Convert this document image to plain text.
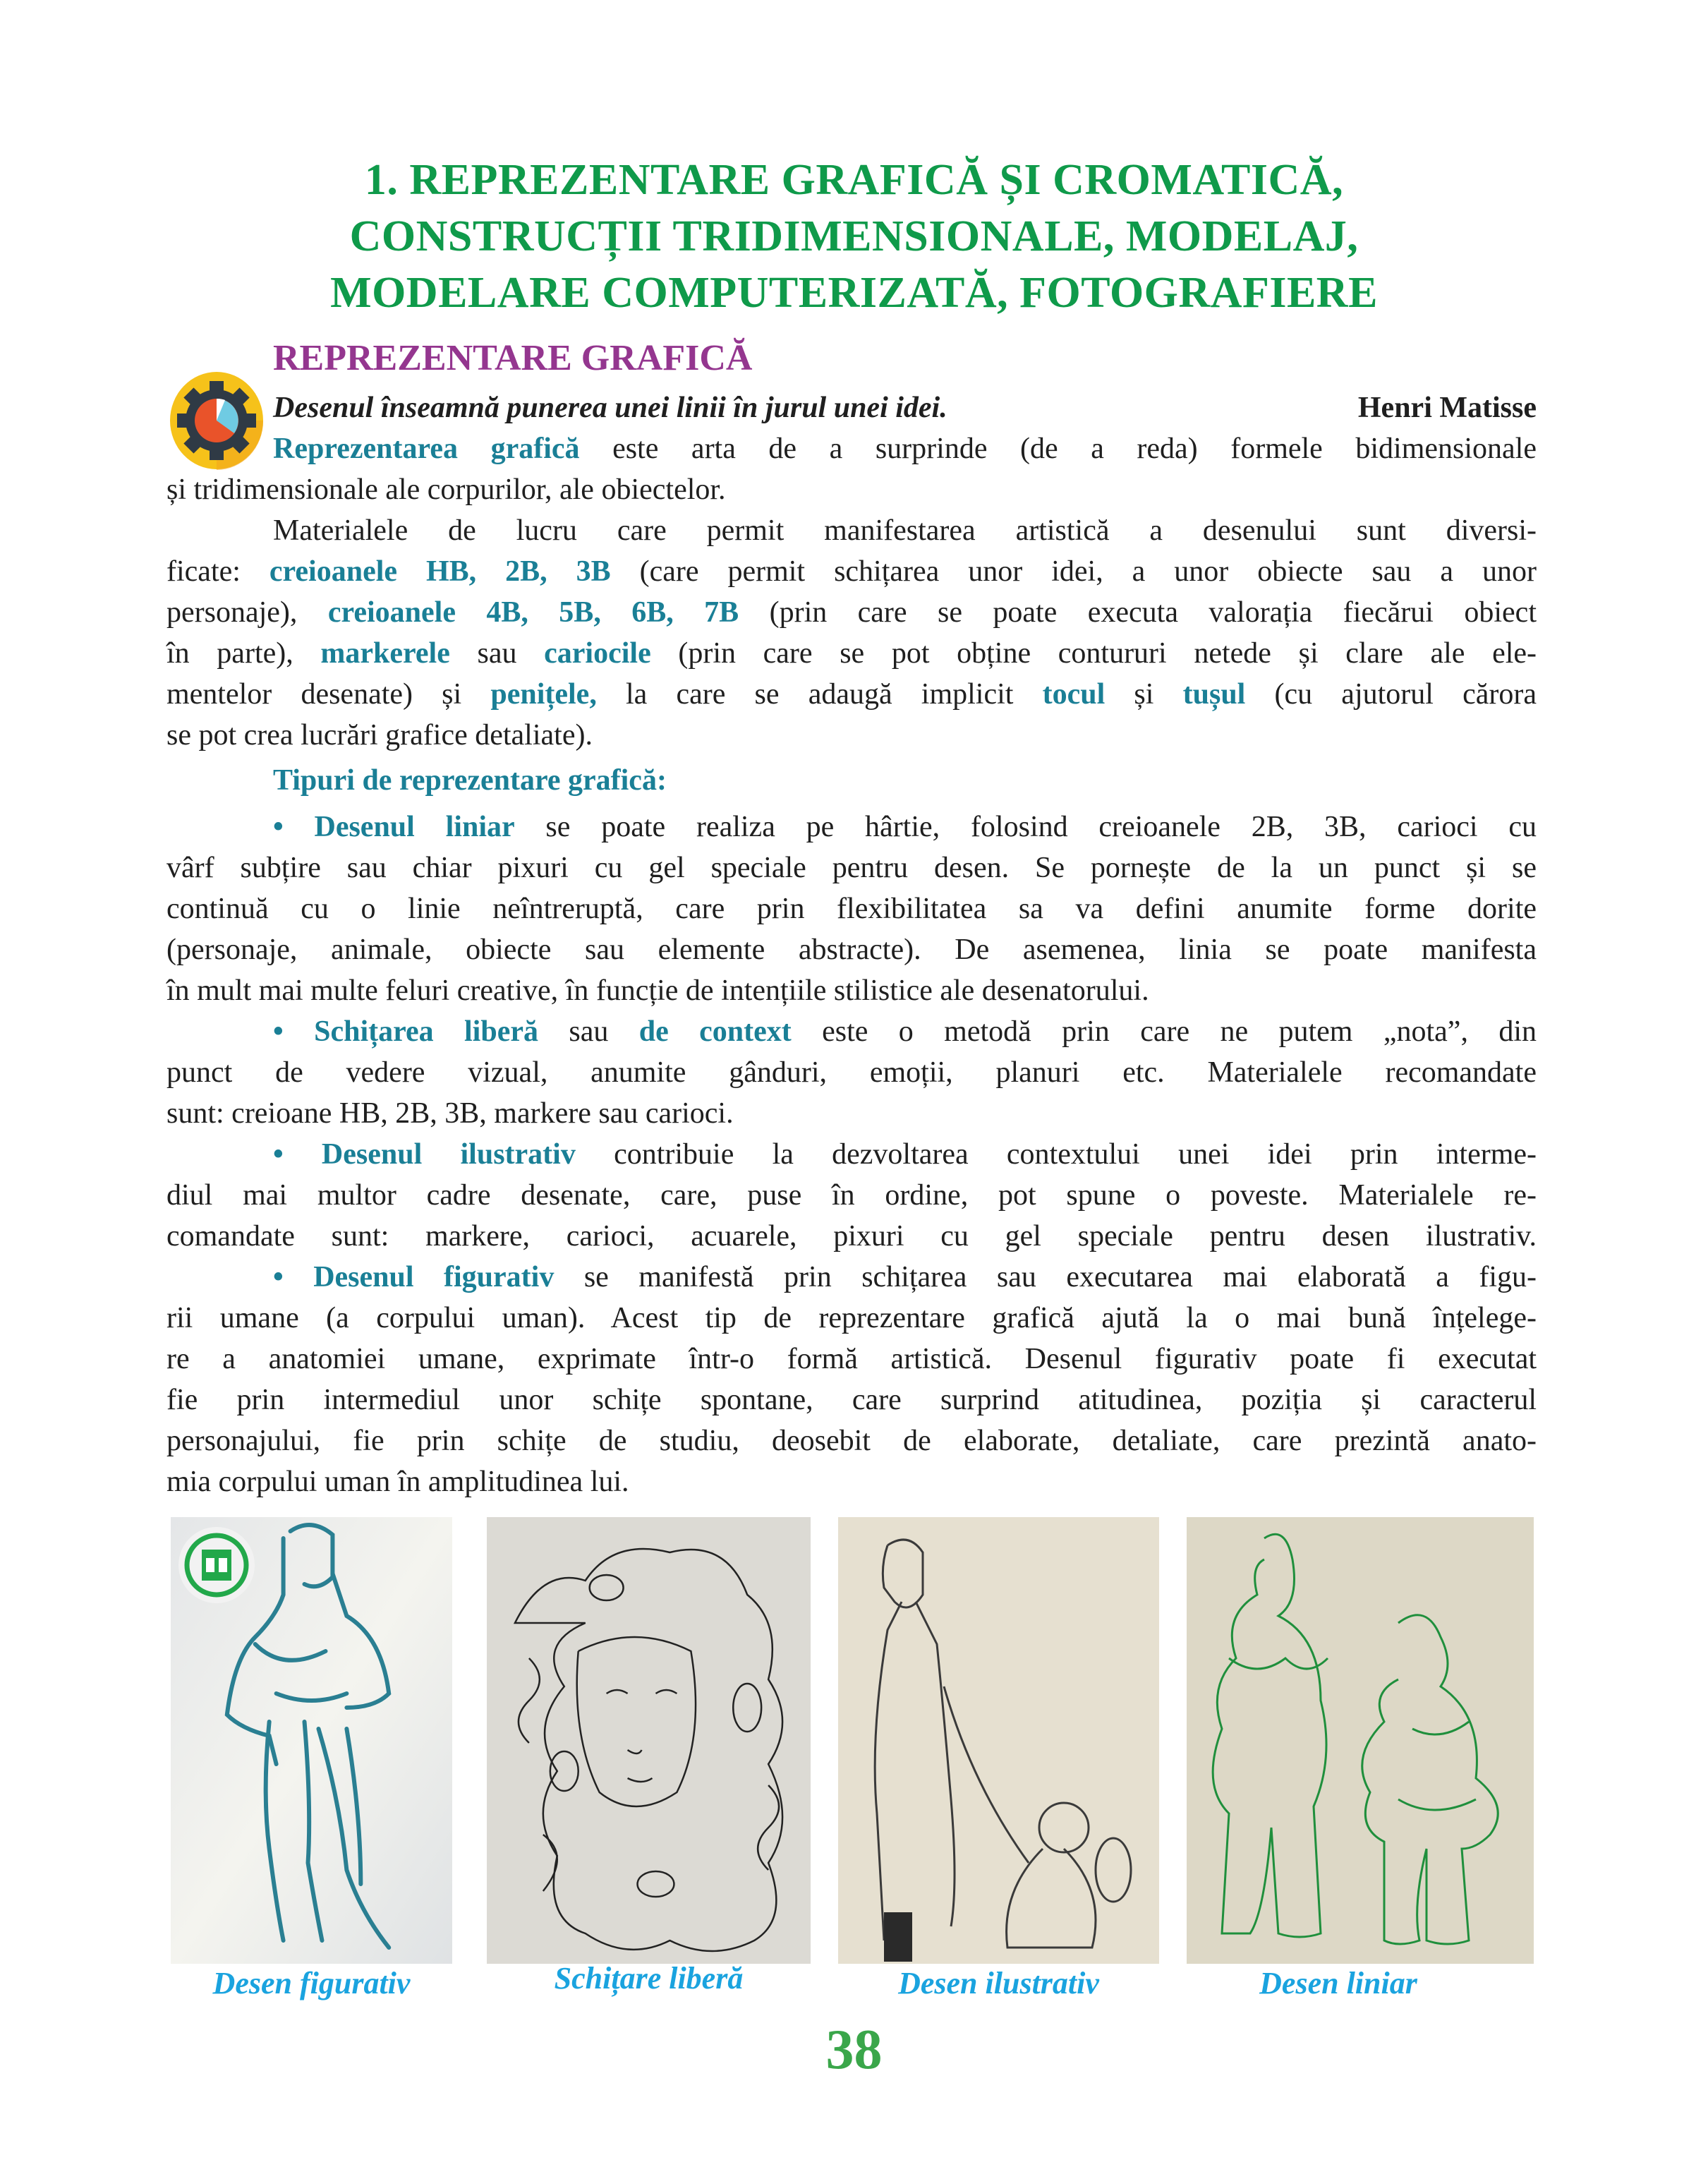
1. REPREZENTARE GRAFICĂ ȘI CROMATICĂ,
CONSTRUCȚII TRIDIMENSIONALE, MODELAJ,
MODELARE COMPUTERIZATĂ, FOTOGRAFIERE
REPREZENTARE GRAFICĂ
Desenul înseamnă punerea unei linii în jurul unei idei.	Henri Matisse
Reprezentarea grafică este arta de a surprinde (de a reda) formele bidimensionale
și tridimensionale ale corpurilor, ale obiectelor.
Materialele de lucru care permit manifestarea artistică a desenului sunt diversi-
ficate: creioanele HB, 2B, 3B (care permit schițarea unor idei, a unor obiecte sau a unor
personaje), creioanele 4B, 5B, 6B, 7B (prin care se poate executa valorația fiecărui obiect
în parte), markerele sau cariocile (prin care se pot obține contururi netede și clare ale ele-
mentelor desenate) și penițele, la care se adaugă implicit tocul și tușul (cu ajutorul cărora
se pot crea lucrări grafice detaliate).
Tipuri de reprezentare grafică:
• Desenul liniar se poate realiza pe hârtie, folosind creioanele 2B, 3B, carioci cu
vârf subțire sau chiar pixuri cu gel speciale pentru desen. Se pornește de la un punct și se
continuă cu o linie neîntreruptă, care prin flexibilitatea sa va defini anumite forme dorite
(personaje, animale, obiecte sau elemente abstracte). De asemenea, linia se poate manifesta
în mult mai multe feluri creative, în funcție de intențiile stilistice ale desenatorului.
• Schițarea liberă sau de context este o metodă prin care ne putem „nota”, din
punct de vedere vizual, anumite gânduri, emoții, planuri etc. Materialele recomandate
sunt: creioane HB, 2B, 3B, markere sau carioci.
• Desenul ilustrativ contribuie la dezvoltarea contextului unei idei prin interme-
diul mai multor cadre desenate, care, puse în ordine, pot spune o poveste. Materialele re-
comandate sunt: markere, carioci, acuarele, pixuri cu gel speciale pentru desen ilustrativ.
• Desenul figurativ se manifestă prin schițarea sau executarea mai elaborată a figu-
rii umane (a corpului uman). Acest tip de reprezentare grafică ajută la o mai bună înțelege-
re a anatomiei umane, exprimate într-o formă artistică. Desenul figurativ poate fi executat
fie prin intermediul unor schițe spontane, care surprind atitudinea, poziția și caracterul
personajului, fie prin schițe de studiu, deosebit de elaborate, detaliate, care prezintă anato-
mia corpului uman în amplitudinea lui.
Desen figurativ	Schițare liberă	Desen ilustrativ	Desen liniar
38
